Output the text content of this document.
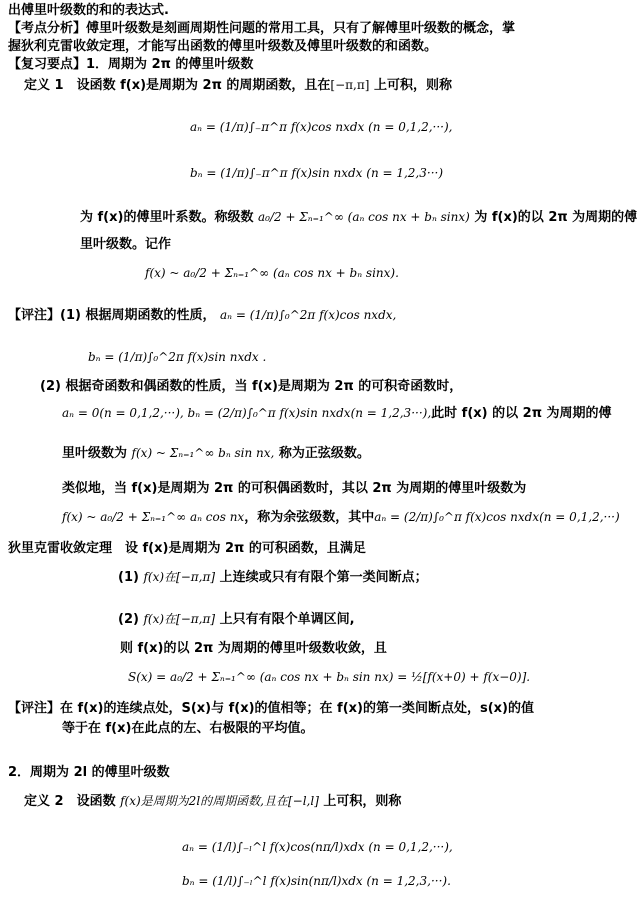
出傅里叶级数的和的表达式.
【考点分析】傅里叶级数是刻画周期性问题的常用工具，只有了解傅里叶级数的概念，掌
握狄利克雷收敛定理，才能写出函数的傅里叶级数及傅里叶级数的和函数。
【复习要点】1．周期为 2π 的傅里叶级数
定义 1　设函数 f(x)是周期为 2π 的周期函数，且在[−π,π] 上可积，则称
aₙ = (1/π)∫₋π^π f(x)cos nxdx (n = 0,1,2,···),
bₙ = (1/π)∫₋π^π f(x)sin nxdx (n = 1,2,3···)
为 f(x)的傅里叶系数。称级数 a₀/2 + Σₙ₌₁^∞ (aₙ cos nx + bₙ sinx) 为 f(x)的以 2π 为周期的傅
里叶级数。记作
f(x) ~ a₀/2 + Σₙ₌₁^∞ (aₙ cos nx + bₙ sinx).
【评注】(1) 根据周期函数的性质， aₙ = (1/π)∫₀^2π f(x)cos nxdx,
bₙ = (1/π)∫₀^2π f(x)sin nxdx .
(2) 根据奇函数和偶函数的性质，当 f(x)是周期为 2π 的可积奇函数时，
aₙ = 0(n = 0,1,2,···), bₙ = (2/π)∫₀^π f(x)sin nxdx(n = 1,2,3···),此时 f(x) 的以 2π 为周期的傅
里叶级数为 f(x) ~ Σₙ₌₁^∞ bₙ sin nx, 称为正弦级数。
类似地，当 f(x)是周期为 2π 的可积偶函数时，其以 2π 为周期的傅里叶级数为
f(x) ~ a₀/2 + Σₙ₌₁^∞ aₙ cos nx，称为余弦级数，其中aₙ = (2/π)∫₀^π f(x)cos nxdx(n = 0,1,2,···)
狄里克雷收敛定理　设 f(x)是周期为 2π 的可积函数，且满足
(1) f(x)在[−π,π] 上连续或只有有限个第一类间断点；
(2) f(x)在[−π,π] 上只有有限个单调区间,
则 f(x)的以 2π 为周期的傅里叶级数收敛，且
S(x) = a₀/2 + Σₙ₌₁^∞ (aₙ cos nx + bₙ sin nx) = ½[f(x+0) + f(x−0)].
【评注】在 f(x)的连续点处，S(x)与 f(x)的值相等；在 f(x)的第一类间断点处，s(x)的值
等于在 f(x)在此点的左、右极限的平均值。
2．周期为 2l 的傅里叶级数
定义 2　设函数 f(x)是周期为2l的周期函数,且在[−l,l] 上可积，则称
aₙ = (1/l)∫₋ₗ^l f(x)cos(nπ/l)xdx (n = 0,1,2,···),
bₙ = (1/l)∫₋ₗ^l f(x)sin(nπ/l)xdx (n = 1,2,3,···).
